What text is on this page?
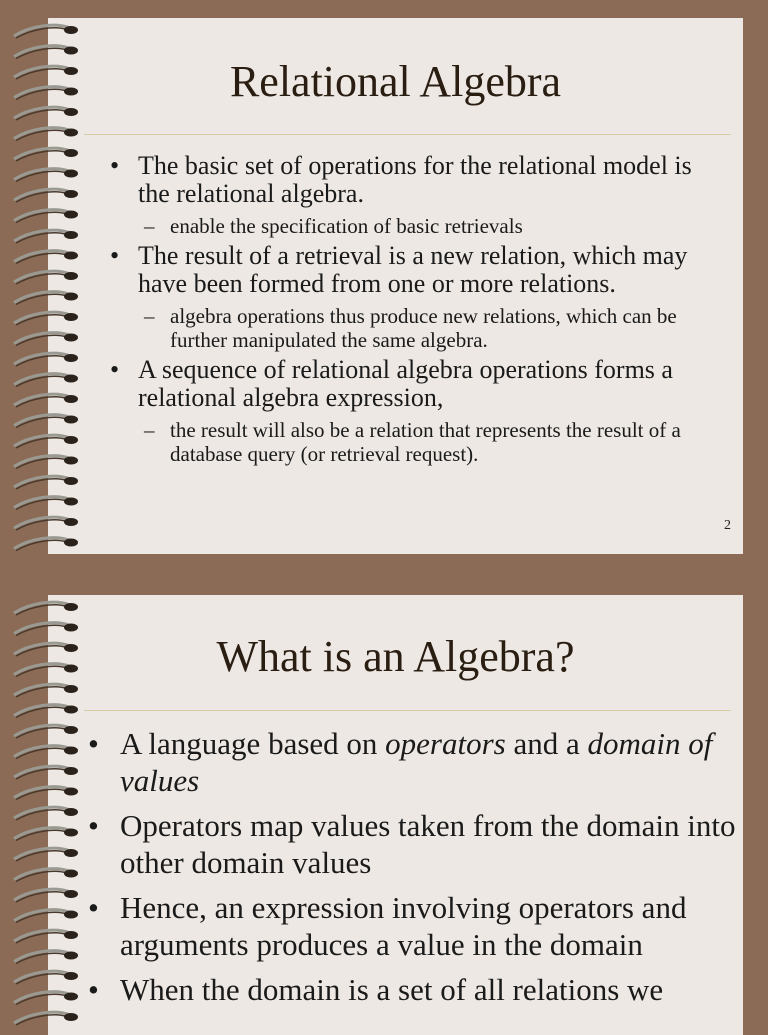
Relational Algebra
• The basic set of operations for the relational model is the relational algebra.
– enable the specification of basic retrievals
• The result of a retrieval is a new relation, which may have been formed from one or more relations.
– algebra operations thus produce new relations, which can be further manipulated the same algebra.
• A sequence of relational algebra operations forms a relational algebra expression,
– the result will also be a relation that represents the result of a database query (or retrieval request).
2
What is an Algebra?
• A language based on operators and a domain of values
• Operators map values taken from the domain into other domain values
• Hence, an expression involving operators and arguments produces a value in the domain
• When the domain is a set of all relations we
